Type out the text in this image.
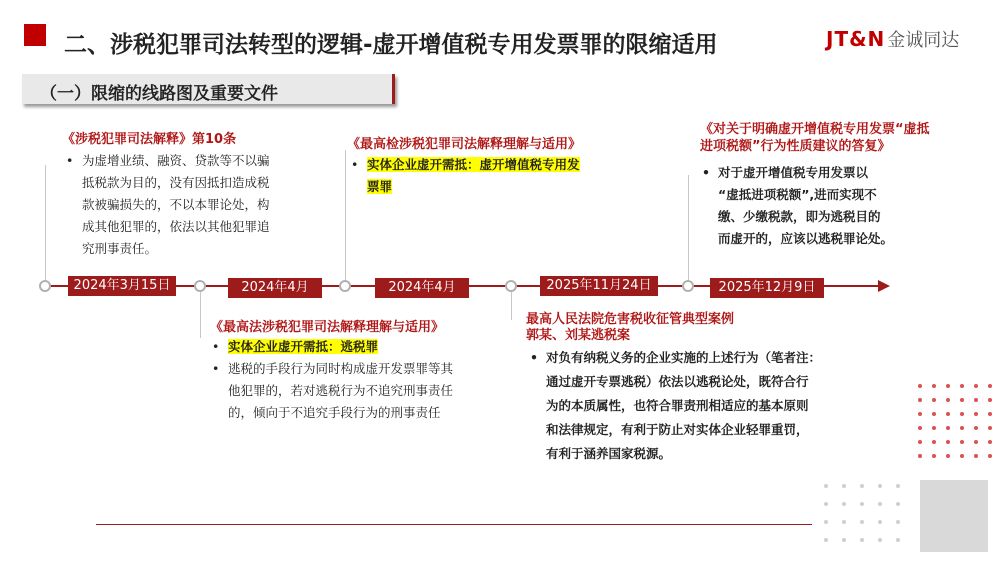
二、涉税犯罪司法转型的逻辑-虚开增值税专用发票罪的限缩适用	JT&N 金诚同达
（一）限缩的线路图及重要文件
《涉税犯罪司法解释》第10条
• 为虚增业绩、融资、贷款等不以骗
抵税款为目的，没有因抵扣造成税
款被骗损失的，不以本罪论处，构
成其他犯罪的，依法以其他犯罪追
究刑事责任。
《最高检涉税犯罪司法解释理解与适用》
• 实体企业虚开需抵：虚开增值税专用发
票罪
《对关于明确虚开增值税专用发票“虚抵
进项税额”行为性质建议的答复》
• 对于虚开增值税专用发票以
“虚抵进项税额”,进而实现不
缴、少缴税款，即为逃税目的
而虚开的，应该以逃税罪论处。
2024年3月15日	2024年4月	2024年4月	2025年11月24日	2025年12月9日
《最高法涉税犯罪司法解释理解与适用》
• 实体企业虚开需抵：逃税罪
• 逃税的手段行为同时构成虚开发票罪等其
他犯罪的，若对逃税行为不追究刑事责任
的，倾向于不追究手段行为的刑事责任
最高人民法院危害税收征管典型案例
郭某、刘某逃税案
• 对负有纳税义务的企业实施的上述行为（笔者注：
通过虚开专票逃税）依法以逃税论处，既符合行
为的本质属性，也符合罪责刑相适应的基本原则
和法律规定，有利于防止对实体企业轻罪重罚，
有利于涵养国家税源。
